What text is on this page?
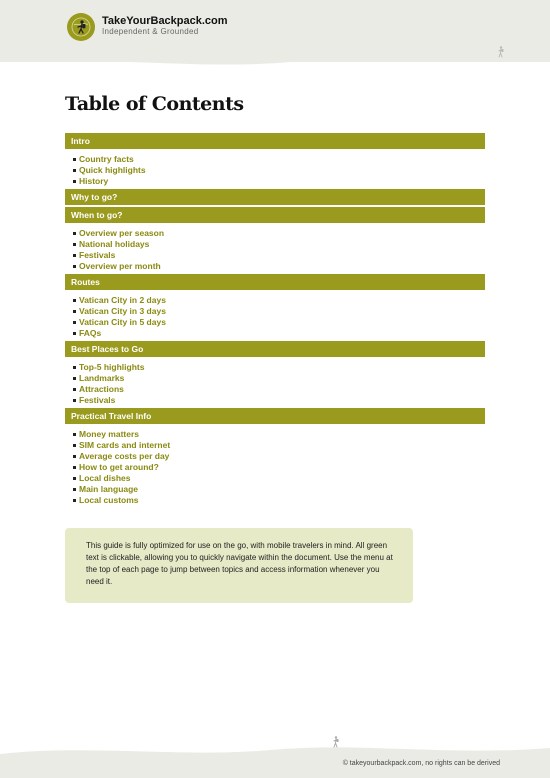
TakeYourBackpack.com
Independent & Grounded
Table of Contents
Intro
Country facts
Quick highlights
History
Why to go?
When to go?
Overview per season
National holidays
Festivals
Overview per month
Routes
Vatican City in 2 days
Vatican City in 3 days
Vatican City in 5 days
FAQs
Best Places to Go
Top-5 highlights
Landmarks
Attractions
Festivals
Practical Travel Info
Money matters
SIM cards and internet
Average costs per day
How to get around?
Local dishes
Main language
Local customs

This guide is fully optimized for use on the go, with mobile travelers in mind. All green text is clickable, allowing you to quickly navigate within the document. Use the menu at the top of each page to jump between topics and access information whenever you need it.

© takeyourbackpack.com, no rights can be derived
